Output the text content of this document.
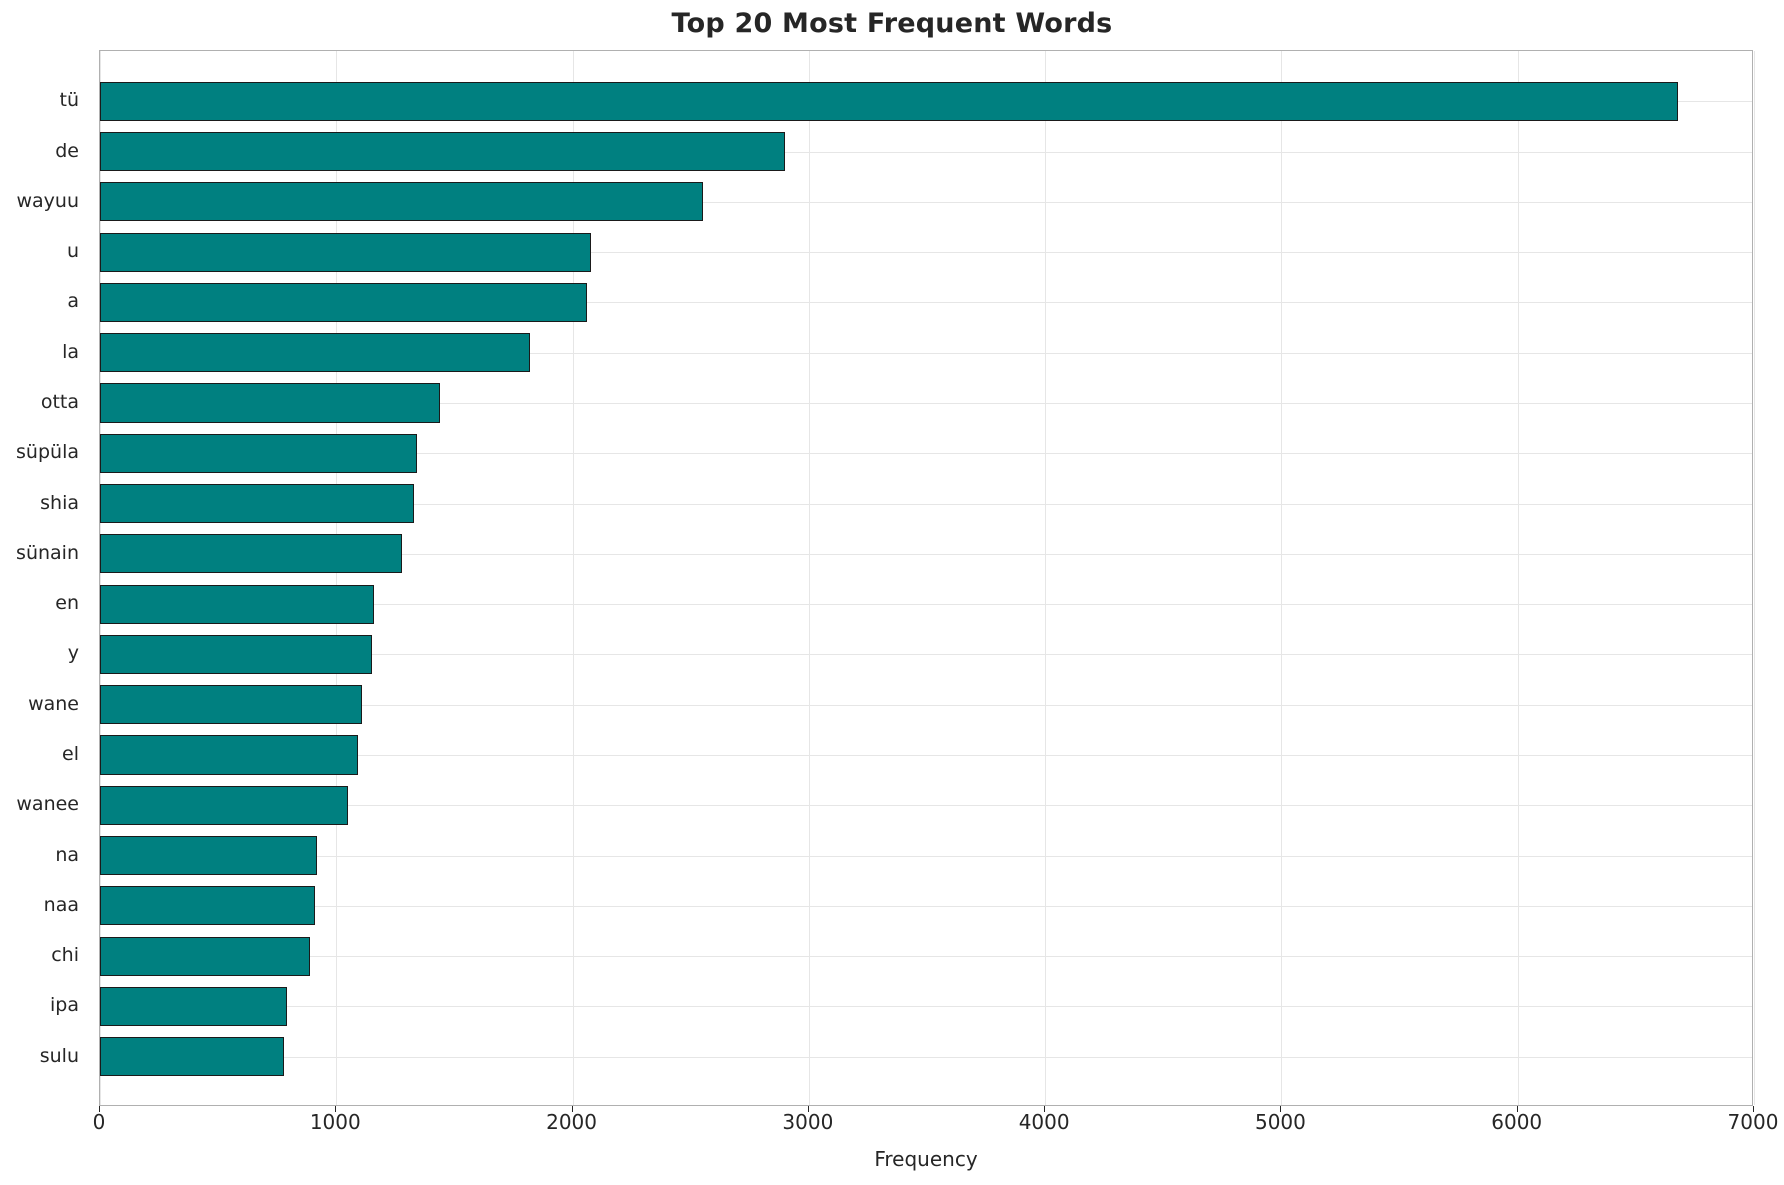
Top 20 Most Frequent Words
tü
de
wayuu
u
a
la
otta
süpüla
shia
sünain
en
y
wane
el
wanee
na
naa
chi
ipa
sulu
0	1000	2000	3000	4000	5000	6000	7000
Frequency
